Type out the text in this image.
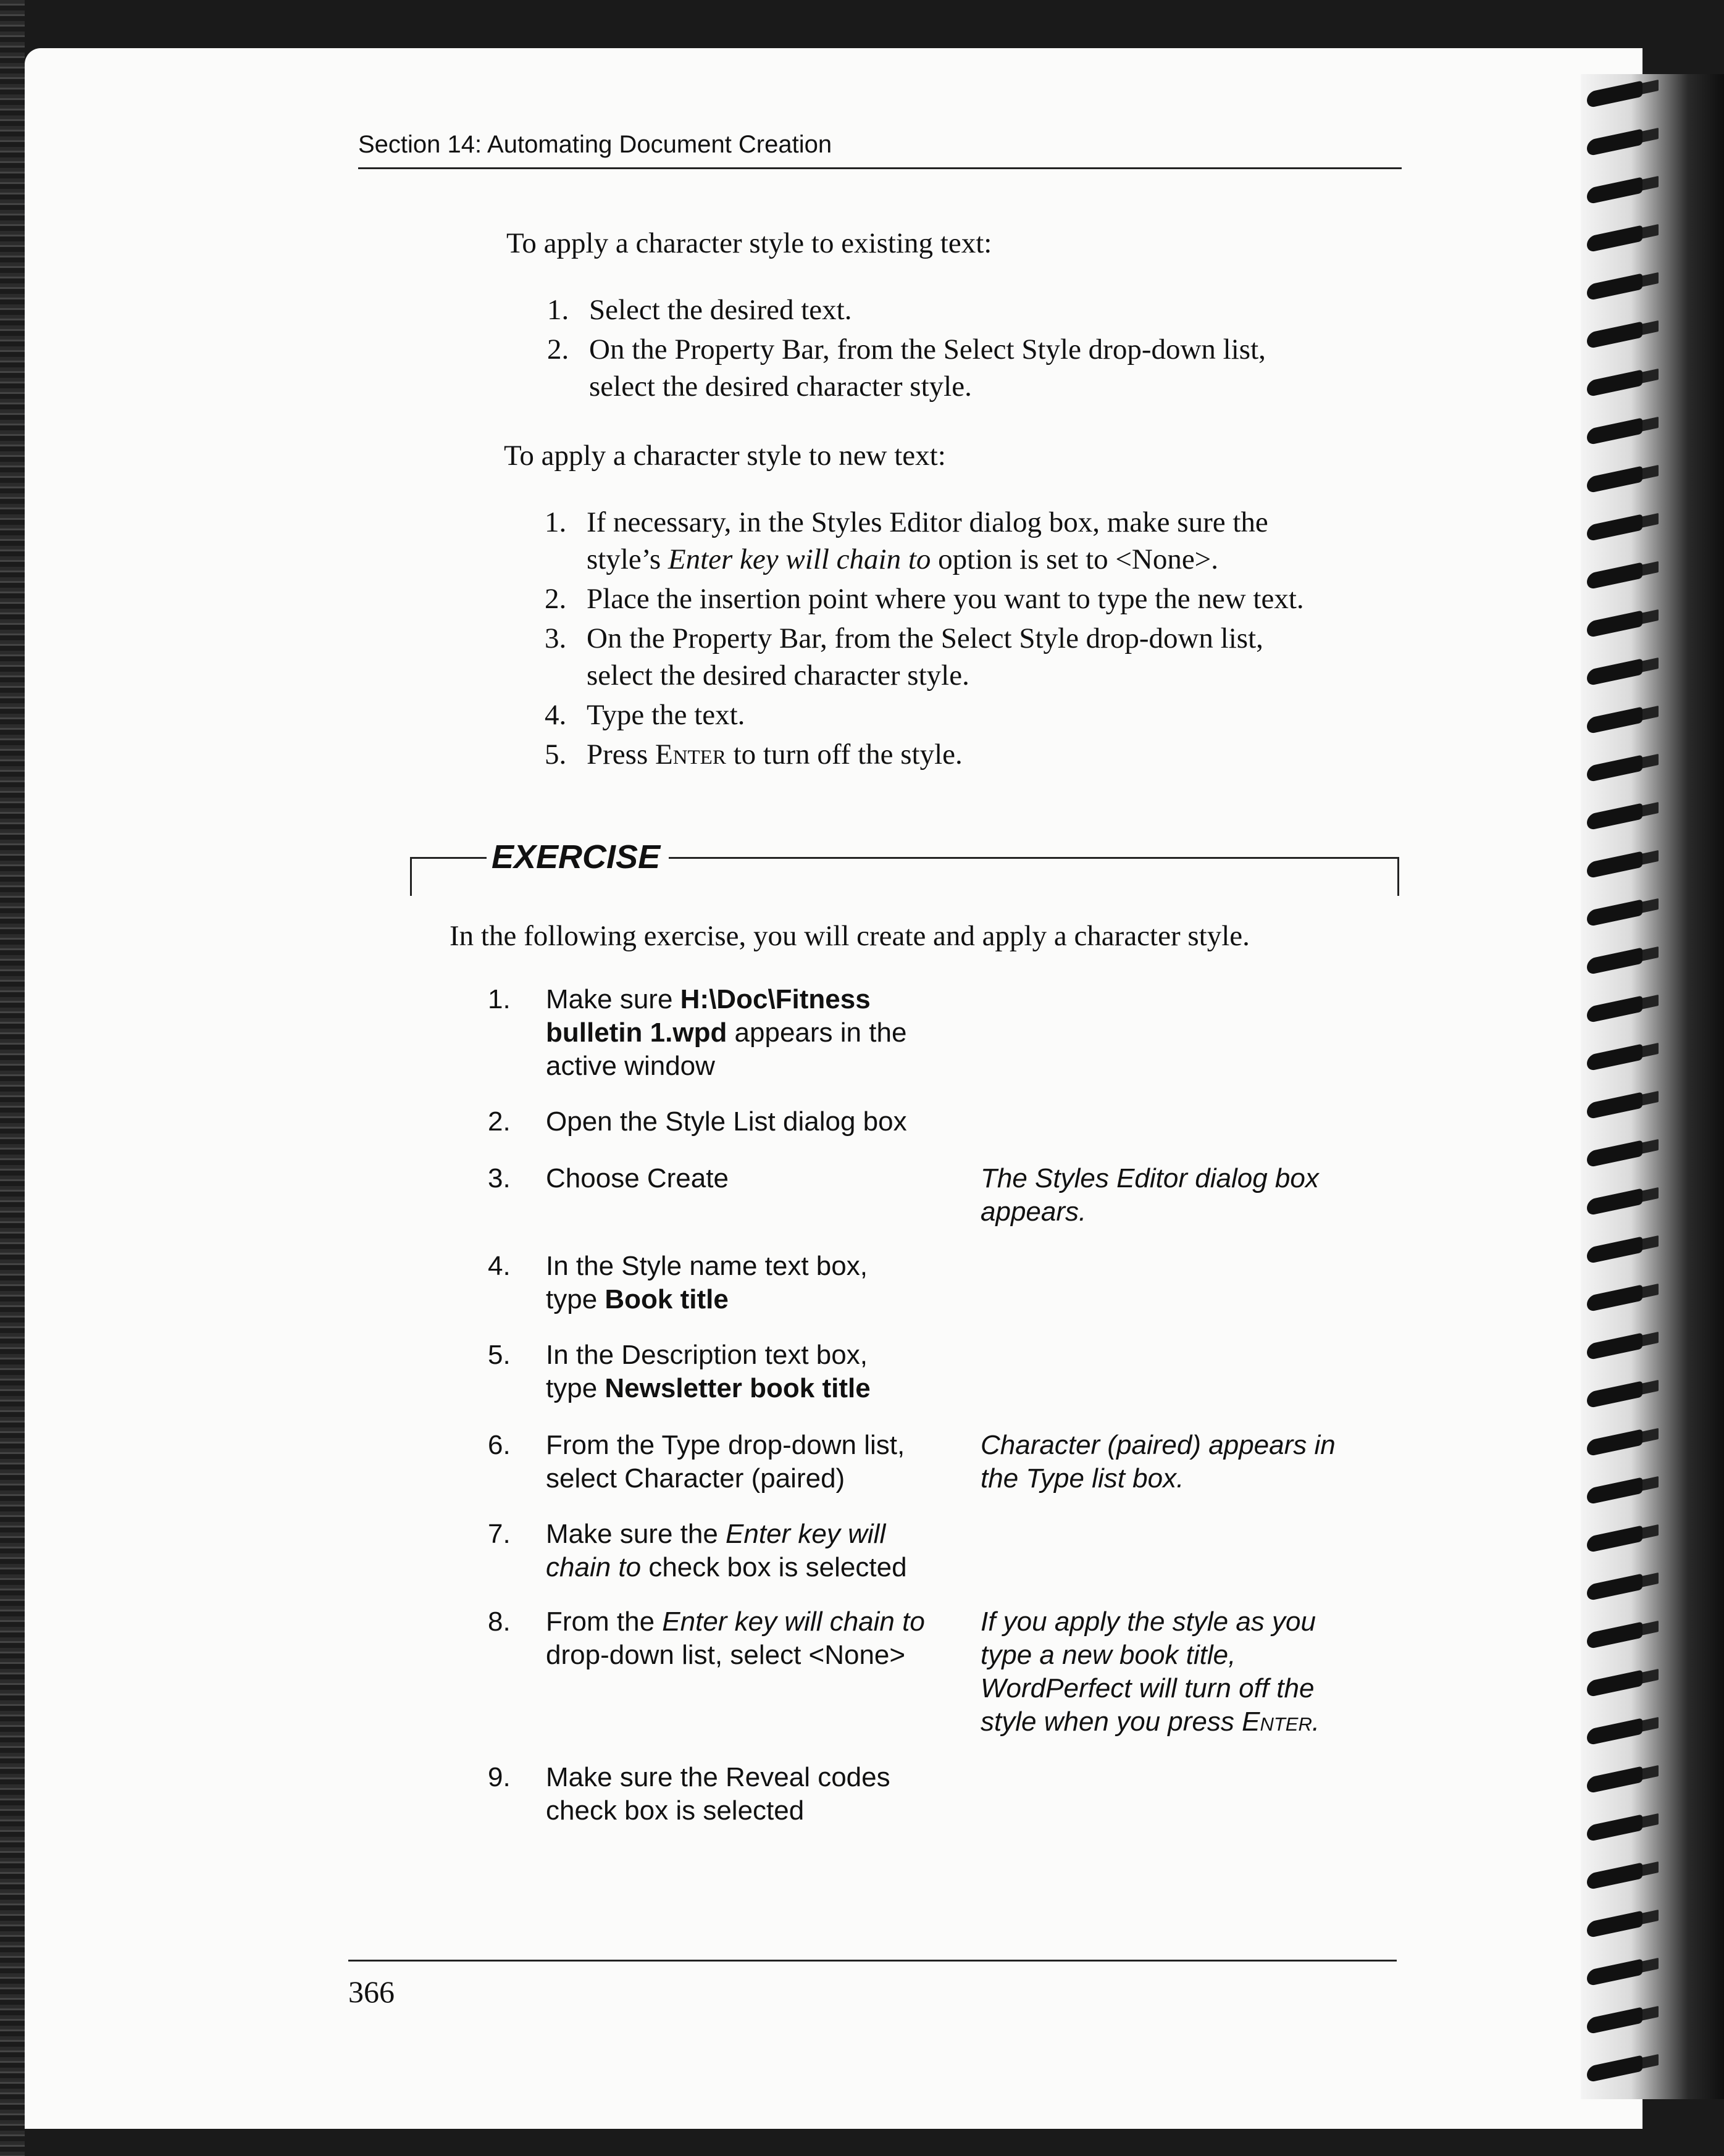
Section 14: Automating Document Creation
To apply a character style to existing text:
1. Select the desired text.
2. On the Property Bar, from the Select Style drop-down list,
select the desired character style.
To apply a character style to new text:
1. If necessary, in the Styles Editor dialog box, make sure the
style’s Enter key will chain to option is set to <None>.
2. Place the insertion point where you want to type the new text.
3. On the Property Bar, from the Select Style drop-down list,
select the desired character style.
4. Type the text.
5. Press Enter to turn off the style.
EXERCISE
In the following exercise, you will create and apply a character style.
1. Make sure H:\Doc\Fitness
bulletin 1.wpd appears in the
active window
2. Open the Style List dialog box
3. Choose Create	The Styles Editor dialog box
appears.
4. In the Style name text box,
type Book title
5. In the Description text box,
type Newsletter book title
6. From the Type drop-down list,
select Character (paired)
Character (paired) appears in
the Type list box.
7. Make sure the Enter key will
chain to check box is selected
8. From the Enter key will chain to
drop-down list, select <None>
If you apply the style as you
type a new book title,
WordPerfect will turn off the
style when you press Enter.
9. Make sure the Reveal codes
check box is selected
366
